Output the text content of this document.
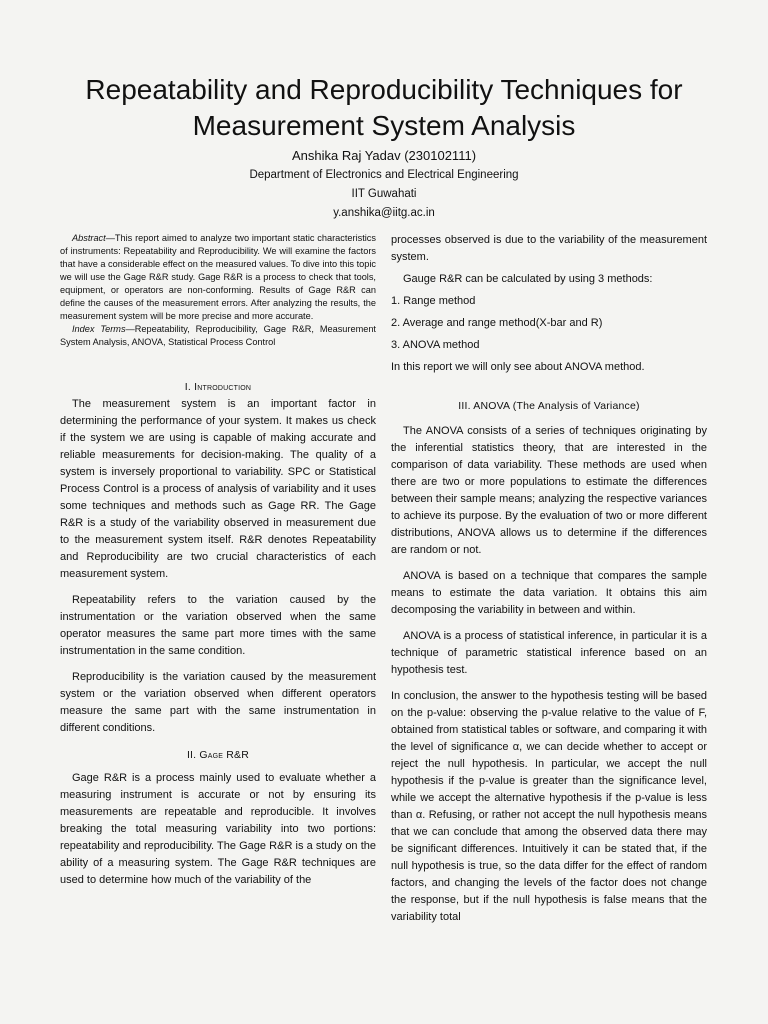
Repeatability and Reproducibility Techniques for
Measurement System Analysis
Anshika Raj Yadav (230102111)
Department of Electronics and Electrical Engineering
IIT Guwahati
y.anshika@iitg.ac.in

Abstract—This report aimed to analyze two important static characteristics of instruments: Repeatability and Reproducibility. We will examine the factors that have a considerable effect on the measured values. To dive into this topic we will use the Gage R&R study. Gage R&R is a process to check that tools, equipment, or operators are non-conforming. Results of Gage R&R can define the causes of the measurement errors. After analyzing the results, the measurement system will be more precise and more accurate.

Index Terms—Repeatability, Reproducibility, Gage R&R, Measurement System Analysis, ANOVA, Statistical Process Control

I. Introduction

The measurement system is an important factor in determining the performance of your system. It makes us check if the system we are using is capable of making accurate and reliable measurements for decision-making. The quality of a system is inversely proportional to variability. SPC or Statistical Process Control is a process of analysis of variability and it uses some techniques and methods such as Gage RR. The Gage R&R is a study of the variability observed in measurement due to the measurement system itself. R&R denotes Repeatability and Reproducibility are two crucial characteristics of each measurement system.

Repeatability refers to the variation caused by the instrumentation or the variation observed when the same operator measures the same part more times with the same instrumentation in the same condition.

Reproducibility is the variation caused by the measurement system or the variation observed when different operators measure the same part with the same instrumentation in different conditions.

II. Gage R&R

Gage R&R is a process mainly used to evaluate whether a measuring instrument is accurate or not by ensuring its measurements are repeatable and reproducible. It involves breaking the total measuring variability into two portions: repeatability and reproducibility. The Gage R&R is a study on the ability of a measuring system. The Gage R&R techniques are used to determine how much of the variability of the

processes observed is due to the variability of the measurement system.

Gauge R&R can be calculated by using 3 methods:

1. Range method

2. Average and range method(X-bar and R)

3. ANOVA method

In this report we will only see about ANOVA method.

III. ANOVA (The Analysis of Variance)

The ANOVA consists of a series of techniques originating by the inferential statistics theory, that are interested in the comparison of data variability. These methods are used when there are two or more populations to estimate the differences between their sample means; analyzing the respective variances to achieve its purpose. By the evaluation of two or more different distributions, ANOVA allows us to determine if the differences are random or not.

ANOVA is based on a technique that compares the sample means to estimate the data variation. It obtains this aim decomposing the variability in between and within.

ANOVA is a process of statistical inference, in particular it is a technique of parametric statistical inference based on an hypothesis test.

In conclusion, the answer to the hypothesis testing will be based on the p-value: observing the p-value relative to the value of F, obtained from statistical tables or software, and comparing it with the level of significance α, we can decide whether to accept or reject the null hypothesis. In particular, we accept the null hypothesis if the p-value is greater than the significance level, while we accept the alternative hypothesis if the p-value is less than α. Refusing, or rather not accept the null hypothesis means that we can conclude that among the observed data there may be significant differences. Intuitively it can be stated that, if the null hypothesis is true, so the data differ for the effect of random factors, and changing the levels of the factor does not change the response, but if the null hypothesis is false means that the variability total
